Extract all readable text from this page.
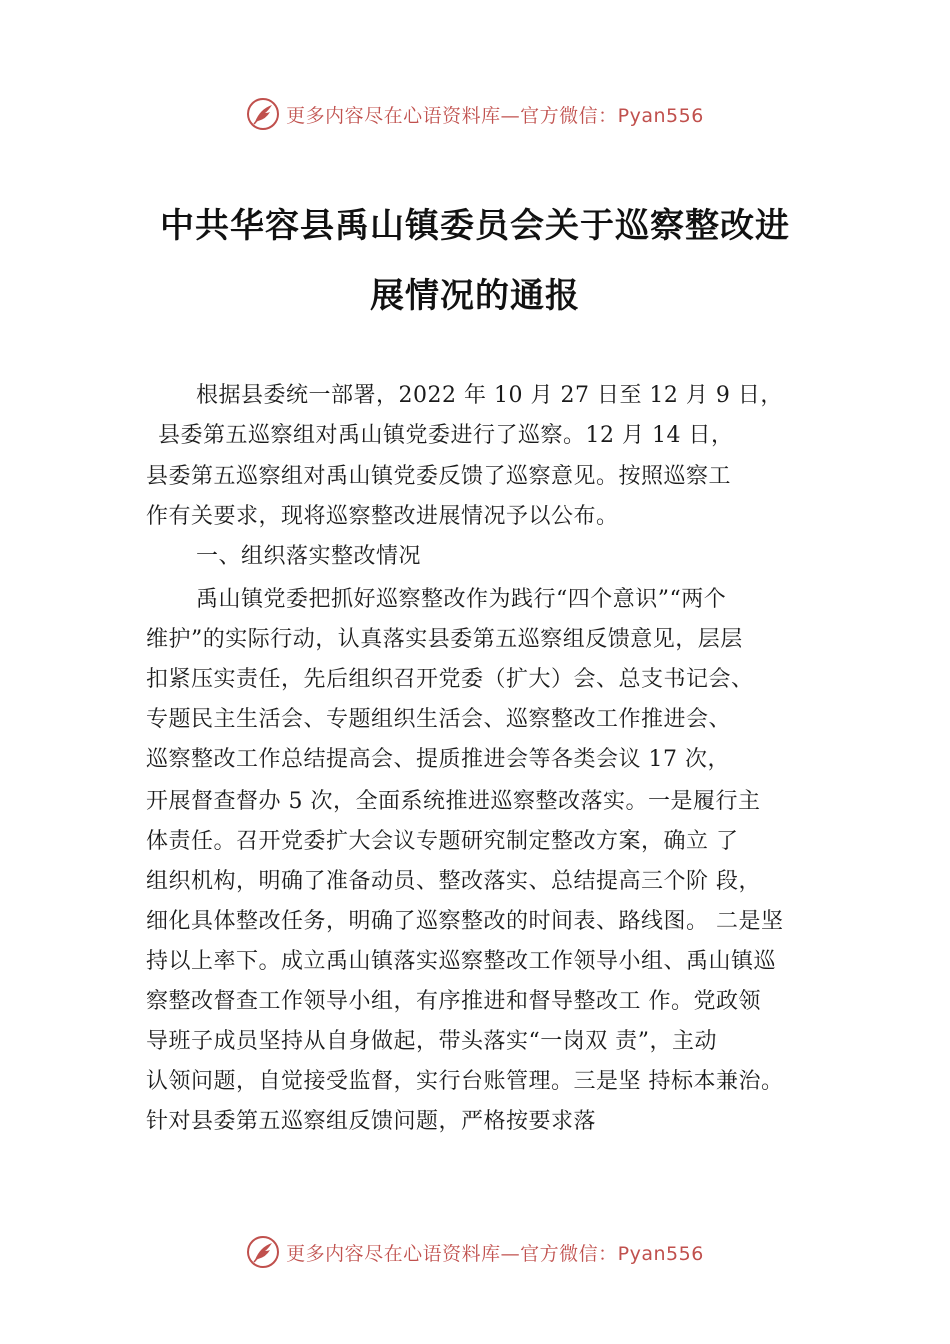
更多内容尽在心语资料库—官方微信：Pyan556
中共华容县禹山镇委员会关于巡察整改进
展情况的通报
根据县委统一部署，2022 年 10 月 27 日至 12 月 9 日，
县委第五巡察组对禹山镇党委进行了巡察。12 月 14 日，
县委第五巡察组对禹山镇党委反馈了巡察意见。按照巡察工
作有关要求，现将巡察整改进展情况予以公布。
一、组织落实整改情况
禹山镇党委把抓好巡察整改作为践行“四个意识”“两个
维护”的实际行动，认真落实县委第五巡察组反馈意见，层层
扣紧压实责任，先后组织召开党委（扩大）会、总支书记会、
专题民主生活会、专题组织生活会、巡察整改工作推进会、
巡察整改工作总结提高会、提质推进会等各类会议 17 次，
开展督查督办 5 次，全面系统推进巡察整改落实。一是履行主
体责任。召开党委扩大会议专题研究制定整改方案，确立 了
组织机构，明确了准备动员、整改落实、总结提高三个阶 段，
细化具体整改任务，明确了巡察整改的时间表、路线图。 二是坚
持以上率下。成立禹山镇落实巡察整改工作领导小组、禹山镇巡
察整改督查工作领导小组，有序推进和督导整改工 作。党政领
导班子成员坚持从自身做起，带头落实“一岗双 责”，主动
认领问题，自觉接受监督，实行台账管理。三是坚 持标本兼治。
针对县委第五巡察组反馈问题，严格按要求落
更多内容尽在心语资料库—官方微信：Pyan556
